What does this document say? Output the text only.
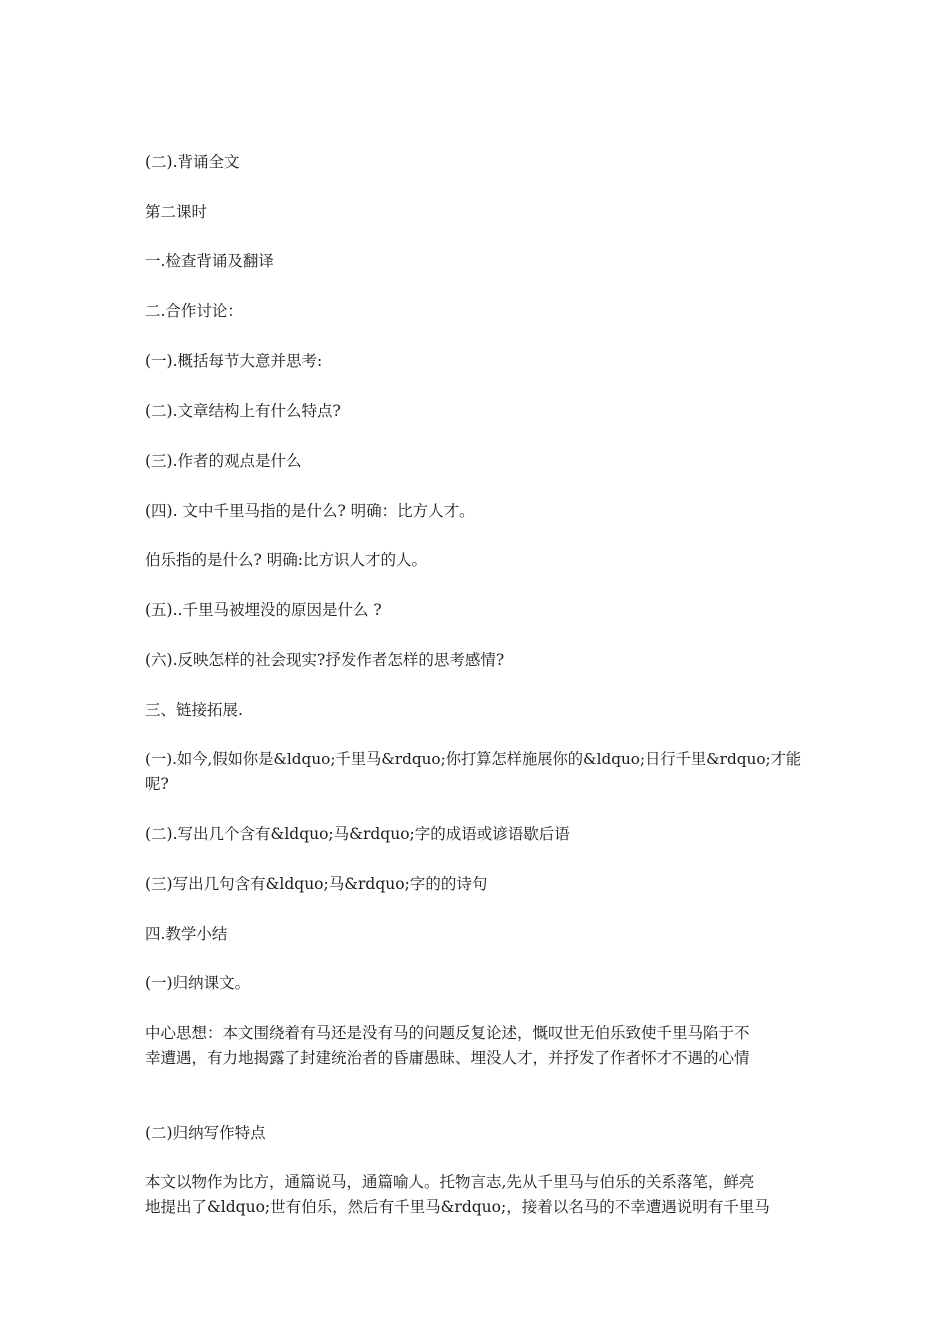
(二).背诵全文
第二课时
一.检查背诵及翻译
二.合作讨论：
(一).概括每节大意并思考:
(二).文章结构上有什么特点?
(三).作者的观点是什么
(四). 文中千里马指的是什么? 明确：比方人才。
伯乐指的是什么? 明确:比方识人才的人。
(五)..千里马被埋没的原因是什么 ?
(六).反映怎样的社会现实?抒发作者怎样的思考感情?
三、链接拓展.
(一).如今,假如你是&ldquo;千里马&rdquo;你打算怎样施展你的&ldquo;日行千里&rdquo;才能
呢?
(二).写出几个含有&ldquo;马&rdquo;字的成语或谚语歇后语
(三)写出几句含有&ldquo;马&rdquo;字的的诗句
四.教学小结
(一)归纳课文。
中心思想：本文围绕着有马还是没有马的问题反复论述，慨叹世无伯乐致使千里马陷于不
幸遭遇，有力地揭露了封建统治者的昏庸愚昧、埋没人才，并抒发了作者怀才不遇的心情
(二)归纳写作特点
本文以物作为比方，通篇说马，通篇喻人。托物言志,先从千里马与伯乐的关系落笔，鲜亮
地提出了&ldquo;世有伯乐，然后有千里马&rdquo;，接着以名马的不幸遭遇说明有千里马
